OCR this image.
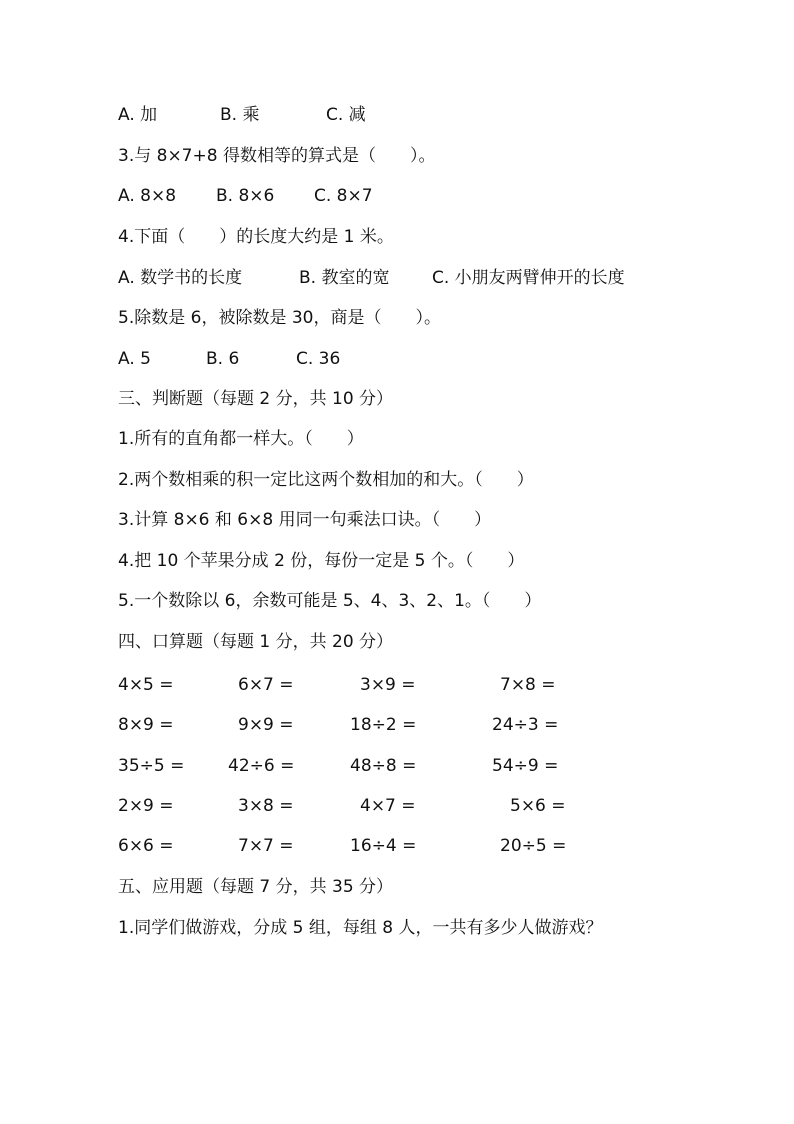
A. 加	B. 乘	C. 减
3.与 8×7+8 得数相等的算式是（　　）。
A. 8×8 B. 8×6 C. 8×7
4.下面（　　）的长度大约是 1 米。
A. 数学书的长度	B. 教室的宽	C. 小朋友两臂伸开的长度
5.除数是 6，被除数是 30，商是（　　）。
A. 5	B. 6	C. 36
三、判断题（每题 2 分，共 10 分）
1.所有的直角都一样大。（　　）
2.两个数相乘的积一定比这两个数相加的和大。（　　）
3.计算 8×6 和 6×8 用同一句乘法口诀。（　　）
4.把 10 个苹果分成 2 份，每份一定是 5 个。（　　）
5.一个数除以 6，余数可能是 5、4、3、2、1。（　　）
四、口算题（每题 1 分，共 20 分）
4×5 =	6×7 =	3×9 =	7×8 =
8×9 =	9×9 =	18÷2 =	24÷3 =
35÷5 =	42÷6 =	48÷8 =	54÷9 =
2×9 =	3×8 =	4×7 =	5×6 =
6×6 =	7×7 =	16÷4 =	20÷5 =
五、应用题（每题 7 分，共 35 分）
1.同学们做游戏，分成 5 组，每组 8 人，一共有多少人做游戏？
